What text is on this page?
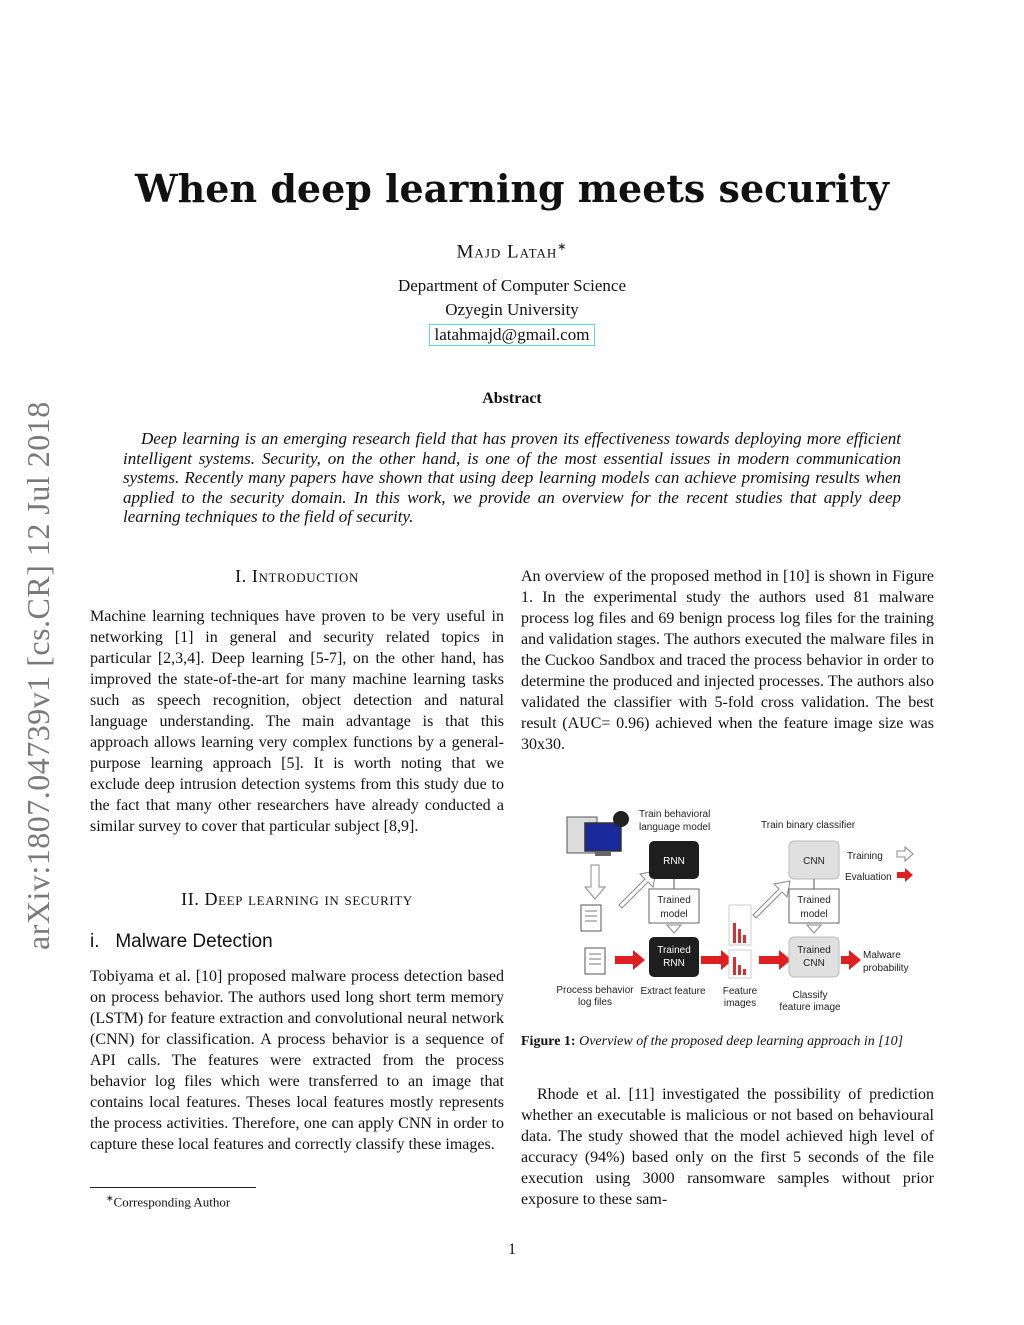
arXiv:1807.04739v1 [cs.CR] 12 Jul 2018
When deep learning meets security
Majd Latah∗
Department of Computer Science
Ozyegin University
latahmajd@gmail.com
Abstract
Deep learning is an emerging research field that has proven its effectiveness towards deploying more efficient intelligent systems. Security, on the other hand, is one of the most essential issues in modern communication systems. Recently many papers have shown that using deep learning models can achieve promising results when applied to the security domain. In this work, we provide an overview for the recent studies that apply deep learning techniques to the field of security.
I. Introduction
Machine learning techniques have proven to be very useful in networking [1] in general and security related topics in particular [2,3,4]. Deep learning [5-7], on the other hand, has improved the state-of-the-art for many machine learning tasks such as speech recognition, object detection and natural language understanding. The main advantage is that this approach allows learning very complex functions by a general-purpose learning approach [5]. It is worth noting that we exclude deep intrusion detection systems from this study due to the fact that many other researchers have already conducted a similar survey to cover that particular subject [8,9].
II. Deep learning in security
i.   Malware Detection
Tobiyama et al. [10] proposed malware process detection based on process behavior. The authors used long short term memory (LSTM) for feature extraction and convolutional neural network (CNN) for classification. A process behavior is a sequence of API calls. The features were extracted from the process behavior log files which were transferred to an image that contains local features. Theses local features mostly represents the process activities. Therefore, one can apply CNN in order to capture these local features and correctly classify these images.
∗Corresponding Author
An overview of the proposed method in [10] is shown in Figure 1. In the experimental study the authors used 81 malware process log files and 69 benign process log files for the training and validation stages. The authors executed the malware files in the Cuckoo Sandbox and traced the process behavior in order to determine the produced and injected processes. The authors also validated the classifier with 5-fold cross validation. The best result (AUC= 0.96) achieved when the feature image size was 30x30.
Train behavioral
language model	Train binary classifier
RNN
Trained
model
Trained
RNN
CNN
Trained
model
Trained
CNN
Training
Evaluation
Malware
probability
Process behavior
log files
Extract feature Feature
images
Classify
feature image
Figure 1: Overview of the proposed deep learning approach in [10]
Rhode et al. [11] investigated the possibility of prediction whether an executable is malicious or not based on behavioural data. The study showed that the model achieved high level of accuracy (94%) based only on the first 5 seconds of the file execution using 3000 ransomware samples without prior exposure to these sam-
1
